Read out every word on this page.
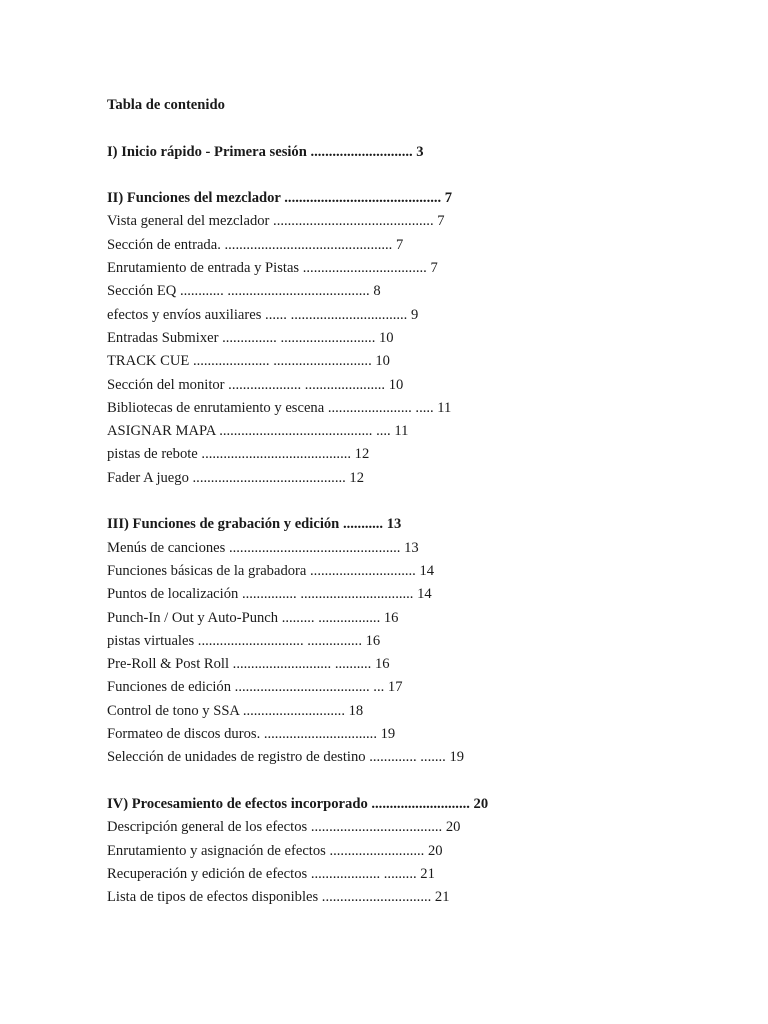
Tabla de contenido
I) Inicio rápido - Primera sesión ............................ 3
II) Funciones del mezclador ........................................... 7
Vista general del mezclador ............................................ 7
Sección de entrada. .............................................. 7
Enrutamiento de entrada y Pistas .................................. 7
Sección EQ ............ ....................................... 8
efectos y envíos auxiliares ...... ................................ 9
Entradas Submixer ............... .......................... 10
TRACK CUE ..................... ........................... 10
Sección del monitor .................... ...................... 10
Bibliotecas de enrutamiento y escena ....................... ..... 11
ASIGNAR MAPA .......................................... .... 11
pistas de rebote ......................................... 12
Fader A juego .......................................... 12
III) Funciones de grabación y edición ........... 13
Menús de canciones ............................................... 13
Funciones básicas de la grabadora ............................. 14
Puntos de localización ............... ............................... 14
Punch-In / Out y Auto-Punch ......... ................. 16
pistas virtuales ............................. ............... 16
Pre-Roll & Post Roll ........................... .......... 16
Funciones de edición ..................................... ... 17
Control de tono y SSA ............................ 18
Formateo de discos duros. ............................... 19
Selección de unidades de registro de destino ............. ....... 19
IV) Procesamiento de efectos incorporado ........................... 20
Descripción general de los efectos .................................... 20
Enrutamiento y asignación de efectos .......................... 20
Recuperación y edición de efectos ................... ......... 21
Lista de tipos de efectos disponibles .............................. 21
